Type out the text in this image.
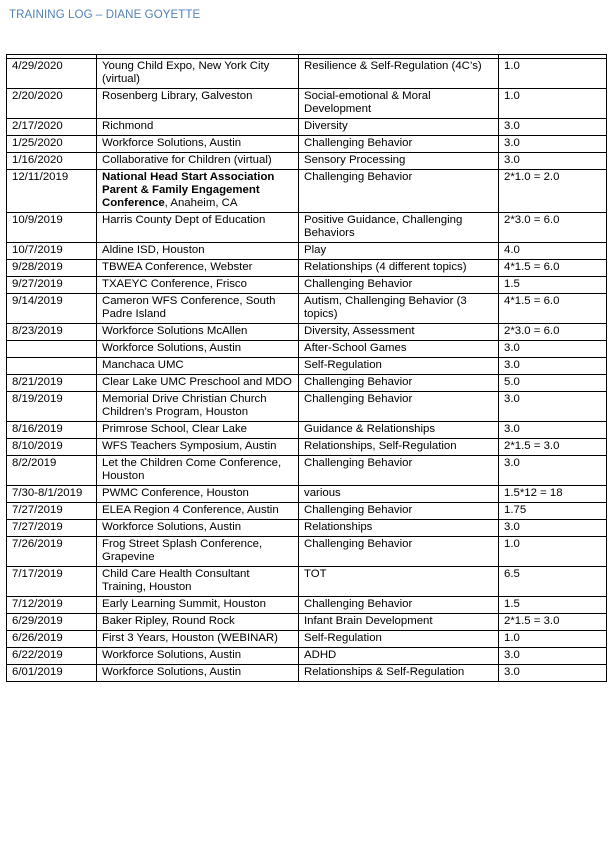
TRAINING LOG – DIANE GOYETTE

4/29/2020	Young Child Expo, New York City (virtual)	Resilience & Self-Regulation (4C’s)	1.0
2/20/2020	Rosenberg Library, Galveston	Social-emotional & Moral Development	1.0
2/17/2020	Richmond	Diversity	3.0
1/25/2020	Workforce Solutions, Austin	Challenging Behavior	3.0
1/16/2020	Collaborative for Children (virtual)	Sensory Processing	3.0
12/11/2019	National Head Start Association Parent & Family Engagement Conference, Anaheim, CA	Challenging Behavior	2*1.0 = 2.0
10/9/2019	Harris County Dept of Education	Positive Guidance, Challenging Behaviors	2*3.0 = 6.0
10/7/2019	Aldine ISD, Houston	Play	4.0
9/28/2019	TBWEA Conference, Webster	Relationships (4 different topics)	4*1.5 = 6.0
9/27/2019	TXAEYC Conference, Frisco	Challenging Behavior	1.5
9/14/2019	Cameron WFS Conference, South Padre Island	Autism, Challenging Behavior (3 topics)	4*1.5 = 6.0
8/23/2019	Workforce Solutions McAllen	Diversity, Assessment	2*3.0 = 6.0
	Workforce Solutions, Austin	After-School Games	3.0
	Manchaca UMC	Self-Regulation	3.0
8/21/2019	Clear Lake UMC Preschool and MDO	Challenging Behavior	5.0
8/19/2019	Memorial Drive Christian Church Children’s Program, Houston	Challenging Behavior	3.0
8/16/2019	Primrose School, Clear Lake	Guidance & Relationships	3.0
8/10/2019	WFS Teachers Symposium, Austin	Relationships, Self-Regulation	2*1.5 = 3.0
8/2/2019	Let the Children Come Conference, Houston	Challenging Behavior	3.0
7/30-8/1/2019	PWMC Conference, Houston	various	1.5*12 = 18
7/27/2019	ELEA Region 4 Conference, Austin	Challenging Behavior	1.75
7/27/2019	Workforce Solutions, Austin	Relationships	3.0
7/26/2019	Frog Street Splash Conference, Grapevine	Challenging Behavior	1.0
7/17/2019	Child Care Health Consultant Training, Houston	TOT	6.5
7/12/2019	Early Learning Summit, Houston	Challenging Behavior	1.5
6/29/2019	Baker Ripley, Round Rock	Infant Brain Development	2*1.5 = 3.0
6/26/2019	First 3 Years, Houston (WEBINAR)	Self-Regulation	1.0
6/22/2019	Workforce Solutions, Austin	ADHD	3.0
6/01/2019	Workforce Solutions, Austin	Relationships & Self-Regulation	3.0
